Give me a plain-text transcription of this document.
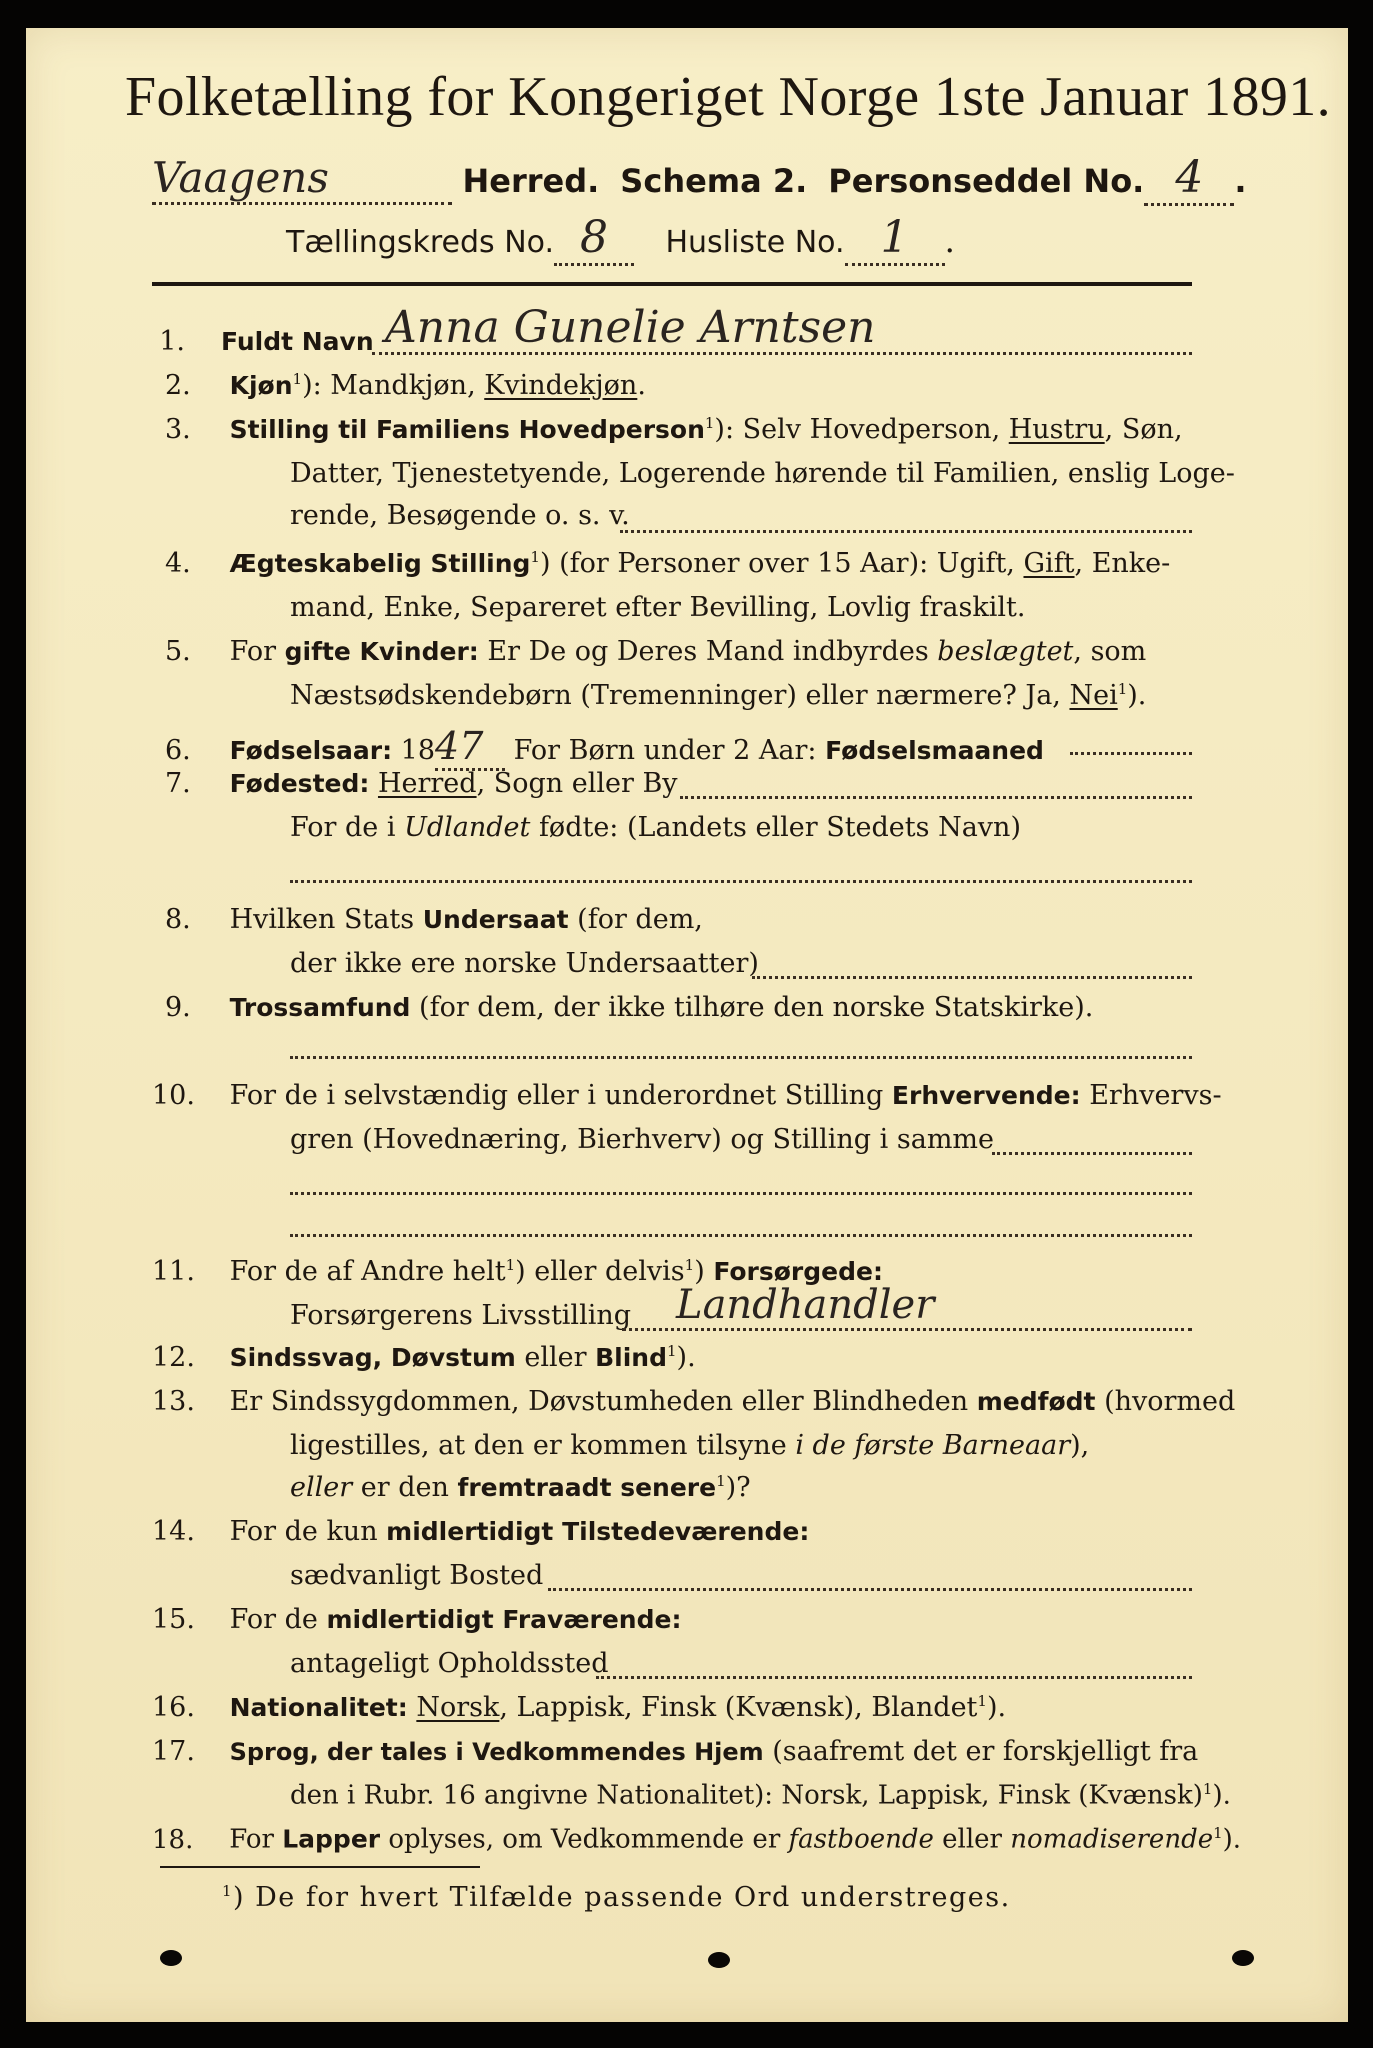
Folketælling for Kongeriget Norge 1ste Januar 1891.
Vaagens	Herred. Schema 2. Personseddel No. 4 .
Tællingskreds No. 8 Husliste No. 1 .
1. Fuldt Navn Anna Gunelie Arntsen
2. Kjøn$^1$): Mandkjøn, Kvindekjøn.
3. Stilling til Familiens Hovedperson$^1$): Selv Hovedperson, Hustru, Søn,
Datter, Tjenestetyende, Logerende hørende til Familien, enslig Loge-
rende, Besøgende o. s. v.
4. Ægteskabelig Stilling$^1$) (for Personer over 15 Aar): Ugift, Gift, Enke-
mand, Enke, Separeret efter Bevilling, Lovlig fraskilt.
5. For gifte Kvinder: Er De og Deres Mand indbyrdes beslægtet, som
Næstsødskendebørn (Tremenninger) eller nærmere? Ja, Nei$^1$).
6. Fødselsaar: 1847 For Børn under 2 Aar: Fødselsmaaned
7. Fødested: Herred, Sogn eller By
For de i Udlandet fødte: (Landets eller Stedets Navn)
8. Hvilken Stats Undersaat (for dem,
der ikke ere norske Undersaatter)
9. Trossamfund (for dem, der ikke tilhøre den norske Statskirke).
10. For de i selvstændig eller i underordnet Stilling Erhvervende: Erhvervs-
gren (Hovednæring, Bierhverv) og Stilling i samme
11. For de af Andre helt$^1$) eller delvis$^1$) Forsørgede:
Forsørgerens Livsstilling Landhandler
12. Sindssvag, Døvstum eller Blind$^1$).
13. Er Sindssygdommen, Døvstumheden eller Blindheden medfødt (hvormed
ligestilles, at den er kommen tilsyne i de første Barneaar),
eller er den fremtraadt senere$^1$)?
14. For de kun midlertidigt Tilstedeværende:
sædvanligt Bosted
15. For de midlertidigt Fraværende:
antageligt Opholdssted
16. Nationalitet: Norsk, Lappisk, Finsk (Kvænsk), Blandet$^1$).
17. Sprog, der tales i Vedkommendes Hjem (saafremt det er forskjelligt fra
den i Rubr. 16 angivne Nationalitet): Norsk, Lappisk, Finsk (Kvænsk)$^1$).
18. For Lapper oplyses, om Vedkommende er fastboende eller nomadiserende$^1$).
$^1$) De for hvert Tilfælde passende Ord understreges.
